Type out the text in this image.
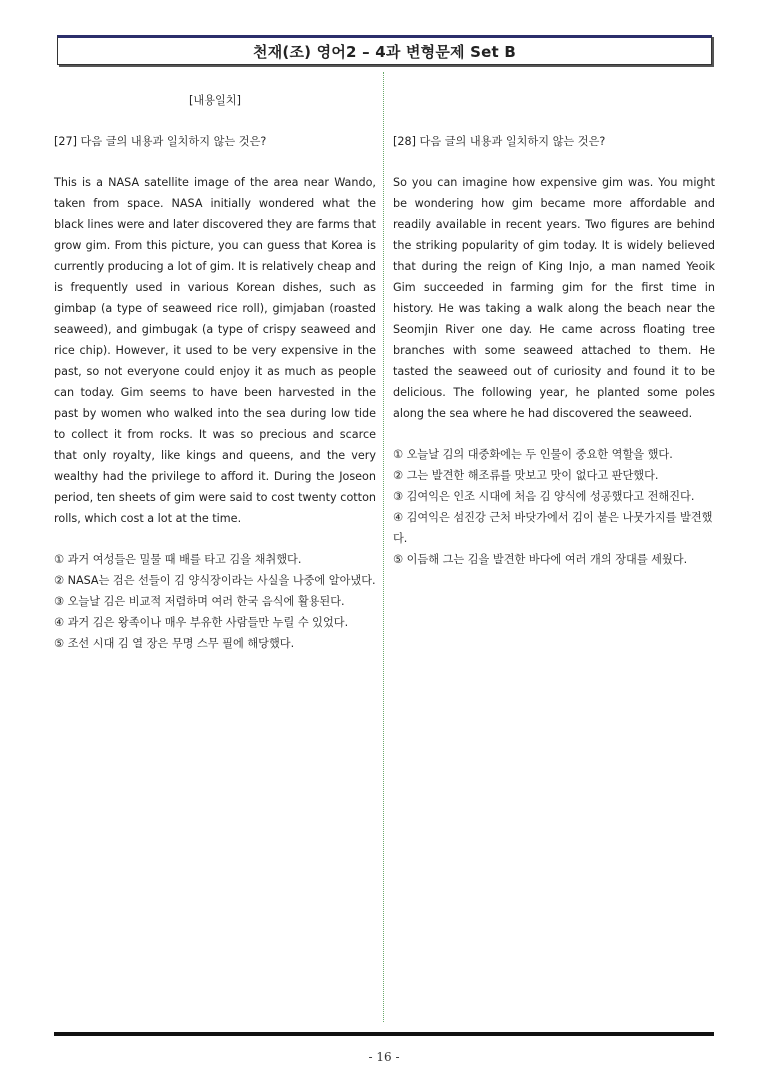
천재(조) 영어2 – 4과 변형문제 Set B
[내용일치]
[27] 다음 글의 내용과 일치하지 않는 것은?
This is a NASA satellite image of the area near Wando, taken from space. NASA initially wondered what the black lines were and later discovered they are farms that grow gim. From this picture, you can guess that Korea is currently producing a lot of gim. It is relatively cheap and is frequently used in various Korean dishes, such as gimbap (a type of seaweed rice roll), gimjaban (roasted seaweed), and gimbugak (a type of crispy seaweed and rice chip). However, it used to be very expensive in the past, so not everyone could enjoy it as much as people can today. Gim seems to have been harvested in the past by women who walked into the sea during low tide to collect it from rocks. It was so precious and scarce that only royalty, like kings and queens, and the very wealthy had the privilege to afford it. During the Joseon period, ten sheets of gim were said to cost twenty cotton rolls, which cost a lot at the time.
① 과거 여성들은 밀물 때 배를 타고 김을 채취했다.
② NASA는 검은 선들이 김 양식장이라는 사실을 나중에 알아냈다.
③ 오늘날 김은 비교적 저렴하며 여러 한국 음식에 활용된다.
④ 과거 김은 왕족이나 매우 부유한 사람들만 누릴 수 있었다.
⑤ 조선 시대 김 열 장은 무명 스무 필에 해당했다.
[28] 다음 글의 내용과 일치하지 않는 것은?
So you can imagine how expensive gim was. You might be wondering how gim became more affordable and readily available in recent years. Two figures are behind the striking popularity of gim today. It is widely believed that during the reign of King Injo, a man named Yeoik Gim succeeded in farming gim for the first time in history. He was taking a walk along the beach near the Seomjin River one day. He came across floating tree branches with some seaweed attached to them. He tasted the seaweed out of curiosity and found it to be delicious. The following year, he planted some poles along the sea where he had discovered the seaweed.
① 오늘날 김의 대중화에는 두 인물이 중요한 역할을 했다.
② 그는 발견한 해조류를 맛보고 맛이 없다고 판단했다.
③ 김여익은 인조 시대에 처음 김 양식에 성공했다고 전해진다.
④ 김여익은 섬진강 근처 바닷가에서 김이 붙은 나뭇가지를 발견했다.
⑤ 이듬해 그는 김을 발견한 바다에 여러 개의 장대를 세웠다.
- 16 -
